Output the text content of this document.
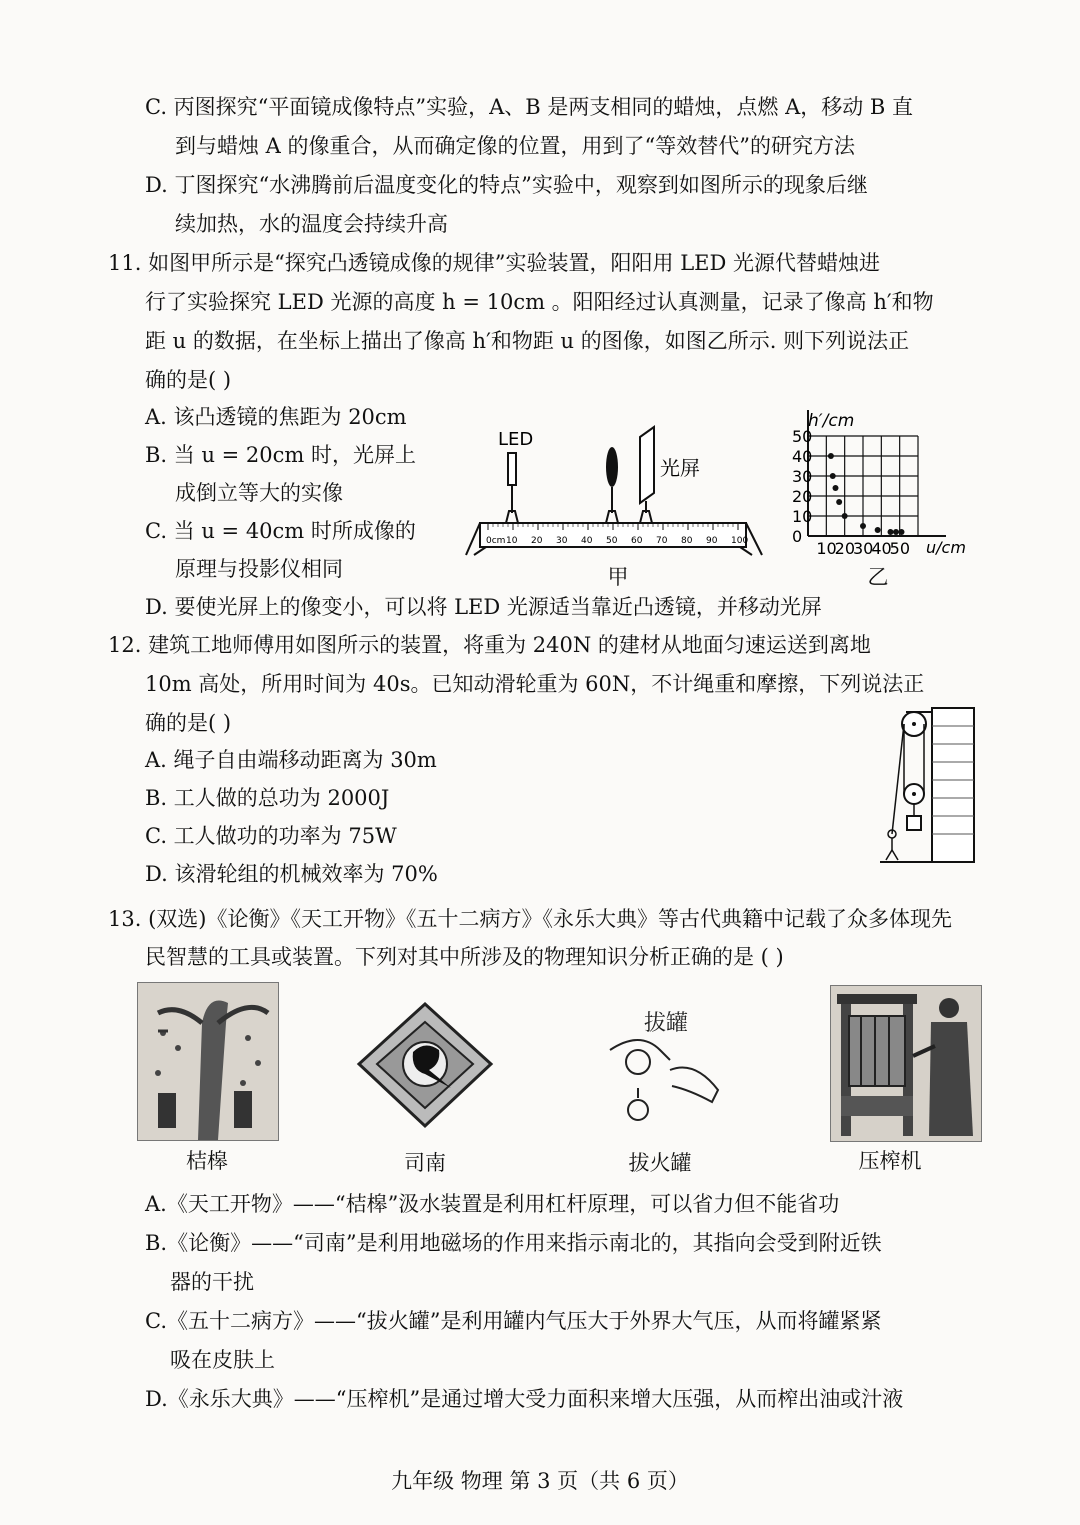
C. 丙图探究“平面镜成像特点”实验，A、B 是两支相同的蜡烛，点燃 A，移动 B 直
到与蜡烛 A 的像重合，从而确定像的位置，用到了“等效替代”的研究方法
D. 丁图探究“水沸腾前后温度变化的特点”实验中，观察到如图所示的现象后继
续加热，水的温度会持续升高
11. 如图甲所示是“探究凸透镜成像的规律”实验装置，阳阳用 LED 光源代替蜡烛进
行了实验探究 LED 光源的高度 h = 10cm 。阳阳经过认真测量，记录了像高 h′和物
距 u 的数据，在坐标上描出了像高 h′和物距 u 的图像，如图乙所示. 则下列说法正
确的是( )
A. 该凸透镜的焦距为 20cm
B. 当 u = 20cm 时，光屏上
成倒立等大的实像
C. 当 u = 40cm 时所成像的
原理与投影仪相同
D. 要使光屏上的像变小，可以将 LED 光源适当靠近凸透镜，并移动光屏
LED
光屏
0cm 10 20 30 40 50 60 70 80 90 100
甲
0
10
20
30
40
50
10
20
30
40
50
h′/cm
u/cm
乙
12. 建筑工地师傅用如图所示的装置，将重为 240N 的建材从地面匀速运送到离地
10m 高处，所用时间为 40s。已知动滑轮重为 60N，不计绳重和摩擦，下列说法正
确的是( )
A. 绳子自由端移动距离为 30m
B. 工人做的总功为 2000J
C. 工人做功的功率为 75W
D. 该滑轮组的机械效率为 70%
13. (双选)《论衡》《天工开物》《五十二病方》《永乐大典》等古代典籍中记载了众多体现先
民智慧的工具或装置。下列对其中所涉及的物理知识分析正确的是 ( )
拔罐
桔槔	司南	拔火罐	压榨机
A.《天工开物》——“桔槔”汲水装置是利用杠杆原理，可以省力但不能省功
B.《论衡》——“司南”是利用地磁场的作用来指示南北的，其指向会受到附近铁
器的干扰
C.《五十二病方》——“拔火罐”是利用罐内气压大于外界大气压，从而将罐紧紧
吸在皮肤上
D.《永乐大典》——“压榨机”是通过增大受力面积来增大压强，从而榨出油或汁液
九年级 物理 第 3 页（共 6 页）
